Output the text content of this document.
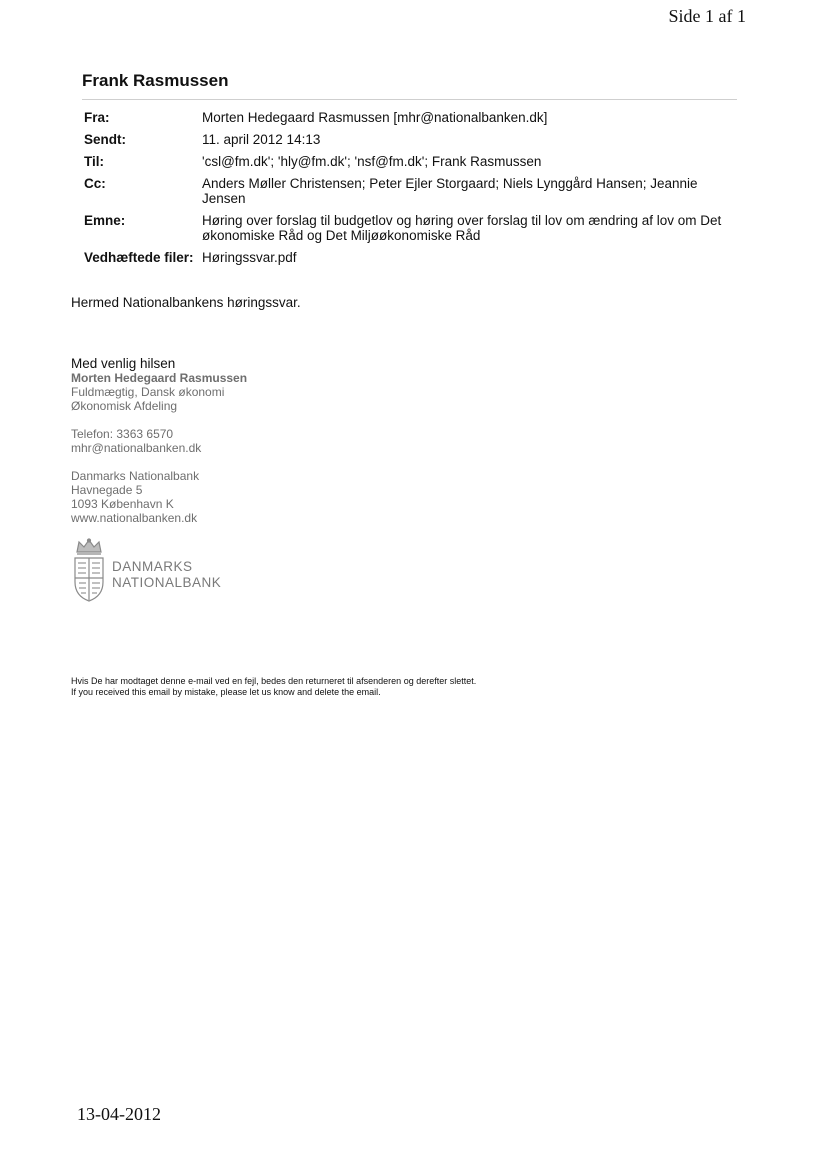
Side 1 af 1
Frank Rasmussen
Fra:	Morten Hedegaard Rasmussen [mhr@nationalbanken.dk]
Sendt:	11. april 2012 14:13
Til:	'csl@fm.dk'; 'hly@fm.dk'; 'nsf@fm.dk'; Frank Rasmussen
Cc:	Anders Møller Christensen; Peter Ejler Storgaard; Niels Lynggård Hansen; Jeannie Jensen
Emne:	Høring over forslag til budgetlov og høring over forslag til lov om ændring af lov om Det økonomiske Råd og Det Miljøøkonomiske Råd
Vedhæftede filer:	Høringssvar.pdf
Hermed Nationalbankens høringssvar.
Med venlig hilsen
Morten Hedegaard Rasmussen
Fuldmægtig, Dansk økonomi
Økonomisk Afdeling
Telefon: 3363 6570
mhr@nationalbanken.dk
Danmarks Nationalbank
Havnegade 5
1093 København K
www.nationalbanken.dk
DANMARKS
NATIONALBANK
Hvis De har modtaget denne e-mail ved en fejl, bedes den returneret til afsenderen og derefter slettet.
If you received this email by mistake, please let us know and delete the email.
13-04-2012
